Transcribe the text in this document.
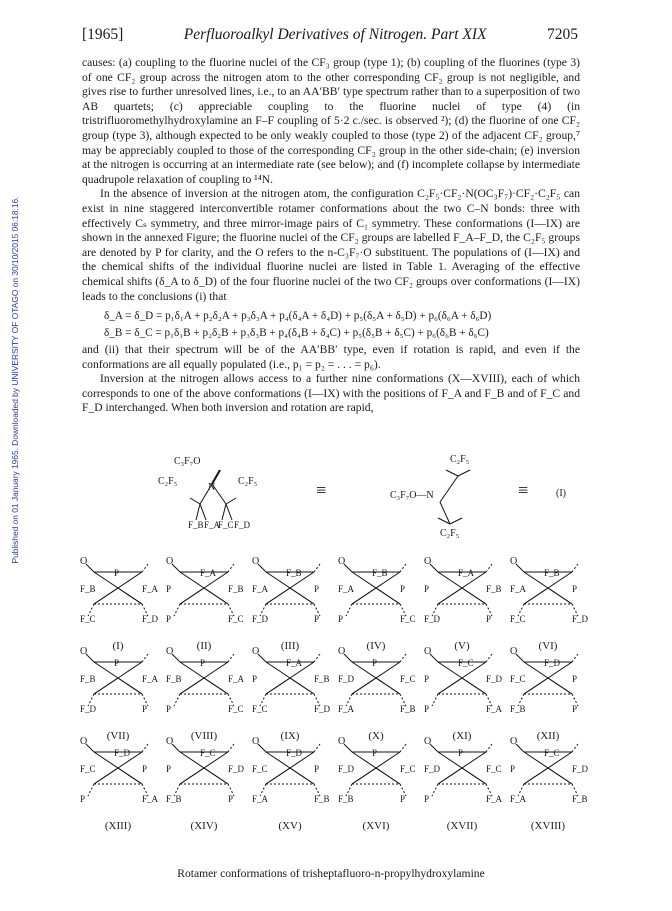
Published on 01 January 1965. Downloaded by UNIVERSITY OF OTAGO on 30/10/2015 06:18:16.
[1965]	Perfluoroalkyl Derivatives of Nitrogen. Part XIX	7205

causes: (a) coupling to the fluorine nuclei of the CF₃ group (type 1); (b) coupling of the fluorines (type 3) of one CF₂ group across the nitrogen atom to the other corresponding CF₂ group is not negligible, and gives rise to further unresolved lines, i.e., to an AA′BB′ type spectrum rather than to a superposition of two AB quartets; (c) appreciable coupling to the fluorine nuclei of type (4) (in tristrifluoromethylhydroxylamine an F–F coupling of 5·2 c./sec. is observed ²); (d) the fluorine of one CF₂ group (type 3), although expected to be only weakly coupled to those (type 2) of the adjacent CF₂ group,⁷ may be appreciably coupled to those of the corresponding CF₂ group in the other side-chain; (e) inversion at the nitrogen is occurring at an intermediate rate (see below); and (f) incomplete collapse by intermediate quadrupole relaxation of coupling to ¹⁴N.

In the absence of inversion at the nitrogen atom, the configuration C₂F₅·CF₂·N(OC₃F₇)·CF₂·C₂F₅ can exist in nine staggered interconvertible rotamer conformations about the two C–N bonds: three with effectively Cₛ symmetry, and three mirror-image pairs of C₁ symmetry. These conformations (I—IX) are shown in the annexed Figure; the fluorine nuclei of the CF₂ groups are labelled F_A–F_D, the C₂F₅ groups are denoted by P for clarity, and the O refers to the n-C₃F₇·O substituent. The populations of (I—IX) and the chemical shifts of the individual fluorine nuclei are listed in Table 1. Averaging of the effective chemical shifts (δ_A to δ_D) of the four fluorine nuclei of the two CF₂ groups over conformations (I—IX) leads to the conclusions (i) that

δ_A = δ_D = p₁δ₁A + p₂δ₂A + p₃δ₃A + p₄(δ₄A + δ₄D) + p₅(δ₅A + δ₅D) + p₆(δ₆A + δ₆D)
δ_B = δ_C = p₁δ₁B + p₂δ₂B + p₃δ₃B + p₄(δ₄B + δ₄C) + p₅(δ₅B + δ₅C) + p₆(δ₆B + δ₆C)

and (ii) that their spectrum will be of the AA′BB′ type, even if rotation is rapid, and even if the conformations are all equally populated (i.e., p₁ = p₂ = . . . = p₆).

Inversion at the nitrogen allows access to a further nine conformations (X—XVIII), each of which corresponds to one of the above conformations (I—IX) with the positions of F_A and F_B and of F_C and F_D interchanged. When both inversion and rotation are rapid,

C₃F₇O
C₂F₅	C₂F₅
N
F_B F_A
F_C F_D
≡	C₃F₇O—N
C₂F₅
C₂F₅
≡	(I)
O
P
F_B	F_A
F_C	F_D
(I)
O
F_A
P	F_B
P	F_C
(II)
O
F_B
F_A	P
F_D	P
(III)
O
F_B
F_A	P
P	F_C
(IV)
O
F_A
P	F_B
F_D	P
(V)
O
F_B
F_A	P
F_C	F_D
(VI)
O
P
F_B	F_A
F_D	P
(VII)
O
P
F_B	F_A
P	F_C
(VIII)
O
F_A
P	F_B
F_C	F_D
(IX)
O
P
F_D	F_C
F_A	F_B
(X)
O
F_C
P	F_D
P	F_A
(XI)
O
F_D
F_C	P
F_B	P
(XII)
O
F_D
F_C	P
P	F_A
(XIII)
O
F_C
P	F_D
F_B	P
(XIV)
O
F_D
F_C	P
F_A	F_B
(XV)
O
P
F_D	F_C
F_B	P
(XVI)
O
P
F_D	F_C
P	F_A
(XVII)
O
F_C
P	F_D
F_A	F_B
(XVIII)
Rotamer conformations of trisheptafluoro-n-propylhydroxylamine
